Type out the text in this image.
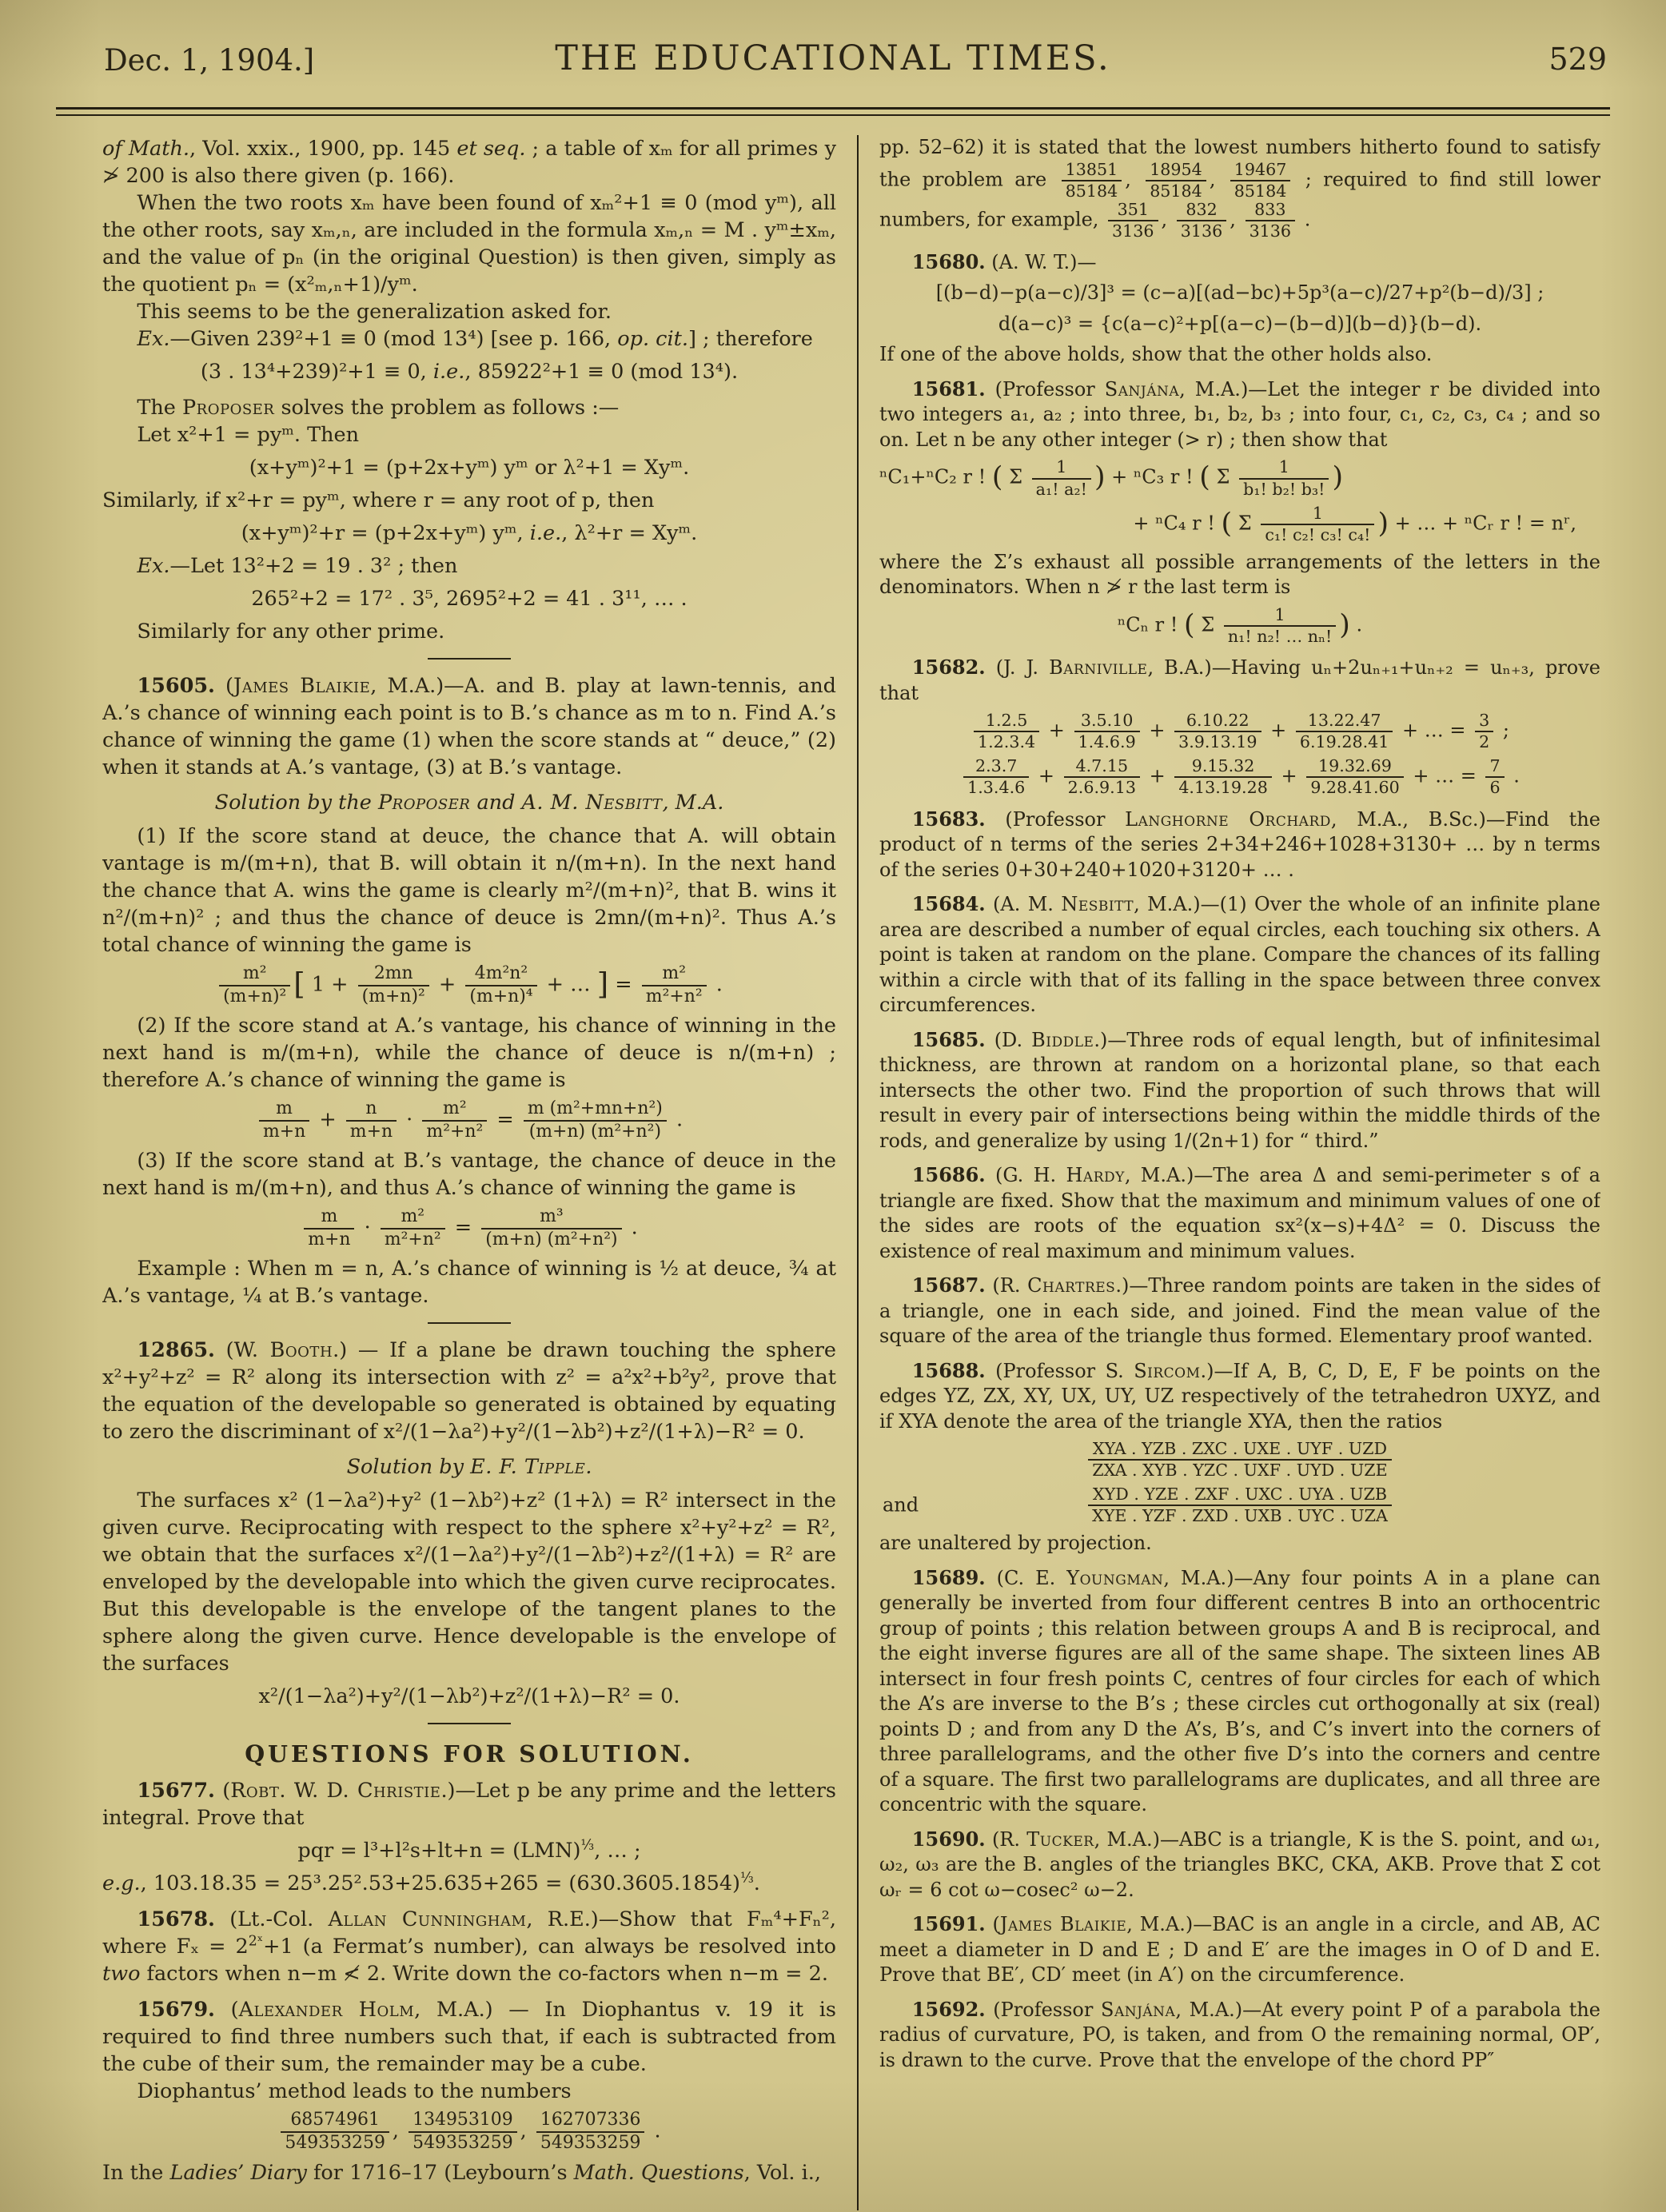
Dec. 1, 1904.]	THE EDUCATIONAL TIMES.	529

of Math., Vol. xxix., 1900, pp. 145 et seq. ; a table of xₘ for all primes y ≯ 200 is also there given (p. 166).

When the two roots xₘ have been found of xₘ²+1 ≡ 0 (mod yᵐ), all the other roots, say xₘ,ₙ, are included in the formula xₘ,ₙ = M . yᵐ±xₘ, and the value of pₙ (in the original Question) is then given, simply as the quotient pₙ = (x²ₘ,ₙ+1)/yᵐ.

This seems to be the generalization asked for.

Ex.—Given 239²+1 ≡ 0 (mod 13⁴) [see p. 166, op. cit.] ; therefore

(3 . 13⁴+239)²+1 ≡ 0, i.e., 85922²+1 ≡ 0 (mod 13⁴).

The Proposer solves the problem as follows :—

Let x²+1 = pyᵐ. Then

(x+yᵐ)²+1 = (p+2x+yᵐ) yᵐ or λ²+1 = Xyᵐ.

Similarly, if x²+r = pyᵐ, where r = any root of p, then

(x+yᵐ)²+r = (p+2x+yᵐ) yᵐ, i.e., λ²+r = Xyᵐ.

Ex.—Let 13²+2 = 19 . 3² ; then

265²+2 = 17² . 3⁵, 2695²+2 = 41 . 3¹¹, … .

Similarly for any other prime.

15605. (James Blaikie, M.A.)—A. and B. play at lawn-tennis, and A.’s chance of winning each point is to B.’s chance as m to n. Find A.’s chance of winning the game (1) when the score stands at “ deuce,” (2) when it stands at A.’s vantage, (3) at B.’s vantage.

Solution by the Proposer and A. M. Nesbitt, M.A.

(1) If the score stand at deuce, the chance that A. will obtain vantage is m/(m+n), that B. will obtain it n/(m+n). In the next hand the chance that A. wins the game is clearly m²/(m+n)², that B. wins it n²/(m+n)² ; and thus the chance of deuce is 2mn/(m+n)². Thus A.’s total chance of winning the game is

$\frac{\text{m²}}{\text{(m+n)²}}$ [ $1 + \frac{2mn}{\text{(m+n)²}} + \frac{\text{4m²n²}}{\text{(m+n)⁴}}$ + … ] = $\frac{\text{m²}}{\text{m²+n²}}$ .

(2) If the score stand at A.’s vantage, his chance of winning in the next hand is m/(m+n), while the chance of deuce is n/(m+n) ; therefore A.’s chance of winning the game is

$\frac{m}{m+n} + \frac{n}{m+n} \cdot \frac{\text{m²}}{\text{m²+n²}} = \frac{\text{m (m²+mn+n²)}}{\text{(m+n) (m²+n²)}}$ .

(3) If the score stand at B.’s vantage, the chance of deuce in the next hand is m/(m+n), and thus A.’s chance of winning the game is

$\frac{m}{m+n} \cdot \frac{\text{m²}}{\text{m²+n²}} = \frac{\text{m³}}{\text{(m+n) (m²+n²)}}$ .

Example : When m = n, A.’s chance of winning is ½ at deuce, ¾ at A.’s vantage, ¼ at B.’s vantage.

12865. (W. Booth.) — If a plane be drawn touching the sphere x²+y²+z² = R² along its intersection with z² = a²x²+b²y², prove that the equation of the developable so generated is obtained by equating to zero the discriminant of x²/(1−λa²)+y²/(1−λb²)+z²/(1+λ)−R² = 0.

Solution by E. F. Tipple.

The surfaces x² (1−λa²)+y² (1−λb²)+z² (1+λ) = R² intersect in the given curve. Reciprocating with respect to the sphere x²+y²+z² = R², we obtain that the surfaces x²/(1−λa²)+y²/(1−λb²)+z²/(1+λ) = R² are enveloped by the developable into which the given curve reciprocates. But this developable is the envelope of the tangent planes to the sphere along the given curve. Hence developable is the envelope of the surfaces

x²/(1−λa²)+y²/(1−λb²)+z²/(1+λ)−R² = 0.

QUESTIONS FOR SOLUTION.

15677. (Robt. W. D. Christie.)—Let p be any prime and the letters integral. Prove that

pqr = l³+l²s+lt+n = (LMN)$^{\frac{1}{3}}$, … ;

e.g., $103.18.35 = 25^3.25^2.53+25.635+265 = (630.3605.1854)^{\frac{1}{3}}$.

15678. (Lt.-Col. Allan Cunningham, R.E.)—Show that Fₘ⁴+Fₙ², where $F_x = 2^{2ˣ}+1$ (a Fermat’s number), can always be resolved into two factors when n−m ≮ 2. Write down the co-factors when n−m = 2.

15679. (Alexander Holm, M.A.) — In Diophantus v. 19 it is required to find three numbers such that, if each is subtracted from the cube of their sum, the remainder may be a cube.

Diophantus’ method leads to the numbers

$\frac{68574961}{549353259}$ , $\frac{134953109}{549353259}$ , $\frac{162707336}{549353259}$ .

In the Ladies’ Diary for 1716–17 (Leybourn’s Math. Questions, Vol. i.,

pp. 52–62) it is stated that the lowest numbers hitherto found to satisfy the problem are $\frac{13851}{85184}$ , $\frac{18954}{85184}$ , $\frac{19467}{85184}$ ; required to find still lower numbers, for example, $\frac{351}{3136}$ , $\frac{832}{3136}$ , $\frac{833}{3136}$ .

15680. (A. W. T.)—

[(b−d)−p(a−c)/3]³ = (c−a)[(ad−bc)+5p³(a−c)/27+p²(b−d)/3] ;

d(a−c)³ = {c(a−c)²+p[(a−c)−(b−d)](b−d)}(b−d).

If one of the above holds, show that the other holds also.

15681. (Professor Sanjána, M.A.)—Let the integer r be divided into two integers a₁, a₂ ; into three, b₁, b₂, b₃ ; into four, c₁, c₂, c₃, c₄ ; and so on. Let n be any other integer (> r) ; then show that

ⁿC₁+ⁿC₂ r ! ( Σ $\frac{1}{\text{a₁! a₂!}}$ ) + ⁿC₃ r ! ( Σ $\frac{1}{\text{b₁! b₂! b₃!}}$ )

+ ⁿC₄ r ! ( Σ $\frac{1}{\text{c₁! c₂! c₃! c₄!}}$ ) + … + ⁿCᵣ r ! = nʳ,

where the Σ’s exhaust all possible arrangements of the letters in the denominators. When n ≯ r the last term is

ⁿCₙ r ! ( Σ $\frac{1}{\text{n₁! n₂! … nₙ!}}$ ) .

15682. (J. J. Barniville, B.A.)—Having uₙ+2uₙ₊₁+uₙ₊₂ = uₙ₊₃, prove that

$\frac{1.2.5}{1.2.3.4} + \frac{3.5.10}{1.4.6.9} + \frac{6.10.22}{3.9.13.19} + \frac{13.22.47}{6.19.28.41}$ + … = $\frac{3}{2}$ ;

$\frac{2.3.7}{1.3.4.6} + \frac{4.7.15}{2.6.9.13} + \frac{9.15.32}{4.13.19.28} + \frac{19.32.69}{9.28.41.60}$ + … = $\frac{7}{6}$ .

15683. (Professor Langhorne Orchard, M.A., B.Sc.)—Find the product of n terms of the series 2+34+246+1028+3130+ … by n terms of the series 0+30+240+1020+3120+ … .

15684. (A. M. Nesbitt, M.A.)—(1) Over the whole of an infinite plane area are described a number of equal circles, each touching six others. A point is taken at random on the plane. Compare the chances of its falling within a circle with that of its falling in the space between three convex circumferences.

15685. (D. Biddle.)—Three rods of equal length, but of infinitesimal thickness, are thrown at random on a horizontal plane, so that each intersects the other two. Find the proportion of such throws that will result in every pair of intersections being within the middle thirds of the rods, and generalize by using 1/(2n+1) for “ third.”

15686. (G. H. Hardy, M.A.)—The area Δ and semi-perimeter s of a triangle are fixed. Show that the maximum and minimum values of one of the sides are roots of the equation sx²(x−s)+4Δ² = 0. Discuss the existence of real maximum and minimum values.

15687. (R. Chartres.)—Three random points are taken in the sides of a triangle, one in each side, and joined. Find the mean value of the square of the area of the triangle thus formed. Elementary proof wanted.

15688. (Professor S. Sircom.)—If A, B, C, D, E, F be points on the edges YZ, ZX, XY, UX, UY, UZ respectively of the tetrahedron UXYZ, and if XYA denote the area of the triangle XYA, then the ratios

$\frac{\text{XYA . YZB . ZXC . UXE . UYF . UZD}}{\text{ZXA . XYB . YZC . UXF . UYD . UZE}}$

and	$\frac{\text{XYD . YZE . ZXF . UXC . UYA . UZB}}{\text{XYE . YZF . ZXD . UXB . UYC . UZA}}$

are unaltered by projection.

15689. (C. E. Youngman, M.A.)—Any four points A in a plane can generally be inverted from four different centres B into an orthocentric group of points ; this relation between groups A and B is reciprocal, and the eight inverse figures are all of the same shape. The sixteen lines AB intersect in four fresh points C, centres of four circles for each of which the A’s are inverse to the B’s ; these circles cut orthogonally at six (real) points D ; and from any D the A’s, B’s, and C’s invert into the corners of three parallelograms, and the other five D’s into the corners and centre of a square. The first two parallelograms are duplicates, and all three are concentric with the square.

15690. (R. Tucker, M.A.)—ABC is a triangle, K is the S. point, and ω₁, ω₂, ω₃ are the B. angles of the triangles BKC, CKA, AKB. Prove that Σ cot ωᵣ = 6 cot ω−cosec² ω−2.

15691. (James Blaikie, M.A.)—BAC is an angle in a circle, and AB, AC meet a diameter in D and E ; D and E′ are the images in O of D and E. Prove that BE′, CD′ meet (in A′) on the circumference.

15692. (Professor Sanjána, M.A.)—At every point P of a parabola the radius of curvature, PO, is taken, and from O the remaining normal, OP′, is drawn to the curve. Prove that the envelope of the chord PP″
